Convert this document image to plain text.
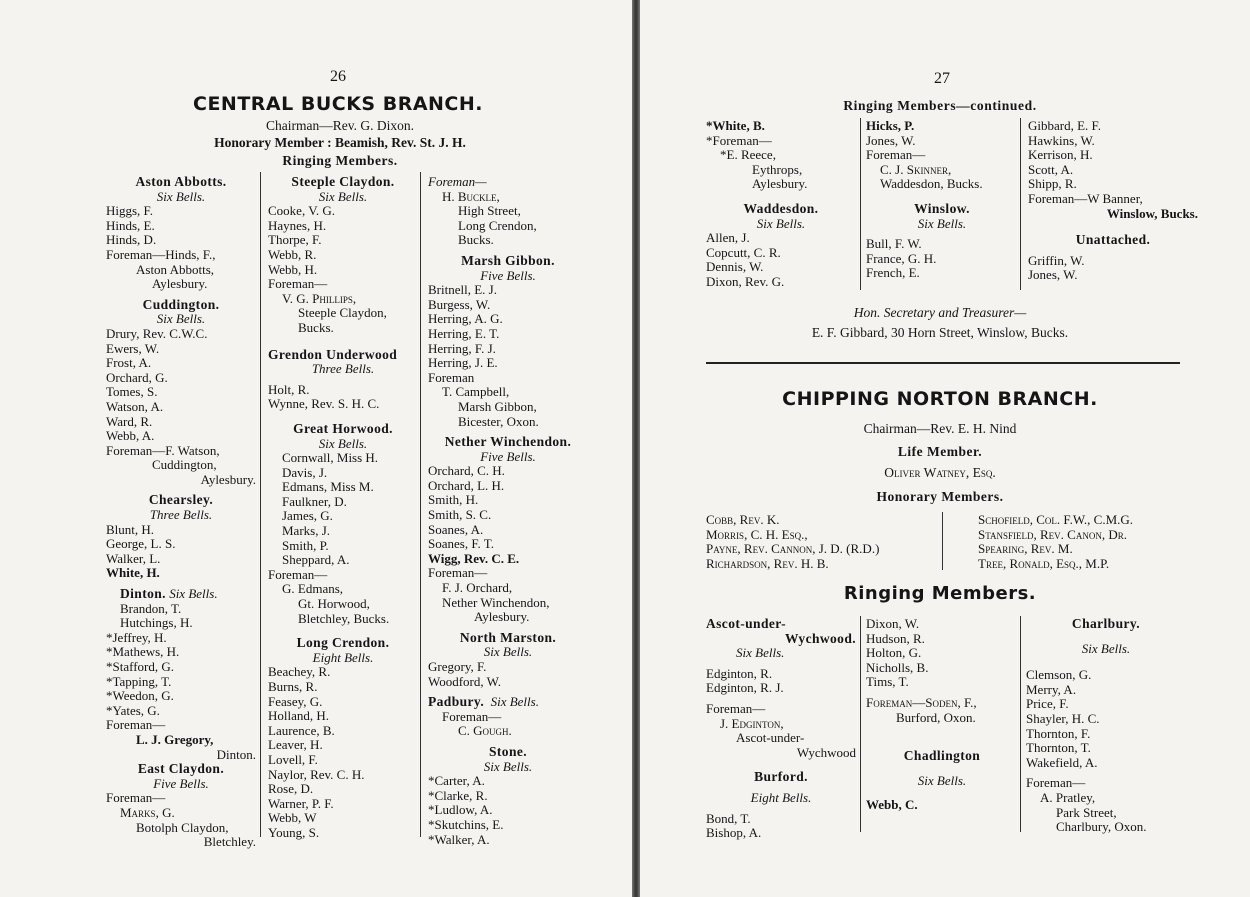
26
CENTRAL BUCKS BRANCH.
Chairman—Rev. G. Dixon.
Honorary Member : Beamish, Rev. St. J. H.
Ringing Members.
Aston Abbotts.
Six Bells.
Higgs, F.
Hinds, E.
Hinds, D.
Foreman—Hinds, F.,
Aston Abbotts,
Aylesbury.
Cuddington.
Six Bells.
Drury, Rev. C.W.C.
Ewers, W.
Frost, A.
Orchard, G.
Tomes, S.
Watson, A.
Ward, R.
Webb, A.
Foreman—F. Watson,
Cuddington,
Aylesbury.
Chearsley.
Three Bells.
Blunt, H.
George, L. S.
Walker, L.
White, H.
Dinton. Six Bells.
Brandon, T.
Hutchings, H.
*Jeffrey, H.
*Mathews, H.
*Stafford, G.
*Tapping, T.
*Weedon, G.
*Yates, G.
Foreman—
L. J. Gregory,
Dinton.
East Claydon.
Five Bells.
Foreman—
Marks, G.
Botolph Claydon,
Bletchley.
Steeple Claydon.
Six Bells.
Cooke, V. G.
Haynes, H.
Thorpe, F.
Webb, R.
Webb, H.
Foreman—
V. G. Phillips,
Steeple Claydon,
Bucks.
Grendon Underwood
Three Bells.
Holt, R.
Wynne, Rev. S. H. C.
Great Horwood.
Six Bells.
Cornwall, Miss H.
Davis, J.
Edmans, Miss M.
Faulkner, D.
James, G.
Marks, J.
Smith, P.
Sheppard, A.
Foreman—
G. Edmans,
Gt. Horwood,
Bletchley, Bucks.
Long Crendon.
Eight Bells.
Beachey, R.
Burns, R.
Feasey, G.
Holland, H.
Laurence, B.
Leaver, H.
Lovell, F.
Naylor, Rev. C. H.
Rose, D.
Warner, P. F.
Webb, W
Young, S.
Foreman—
H. Buckle,
High Street,
Long Crendon,
Bucks.
Marsh Gibbon.
Five Bells.
Britnell, E. J.
Burgess, W.
Herring, A. G.
Herring, E. T.
Herring, F. J.
Herring, J. E.
Foreman
T. Campbell,
Marsh Gibbon,
Bicester, Oxon.
Nether Winchendon.
Five Bells.
Orchard, C. H.
Orchard, L. H.
Smith, H.
Smith, S. C.
Soanes, A.
Soanes, F. T.
Wigg, Rev. C. E.
Foreman—
F. J. Orchard,
Nether Winchendon,
Aylesbury.
North Marston.
Six Bells.
Gregory, F.
Woodford, W.
Padbury. Six Bells.
Foreman—
C. Gough.
Stone.
Six Bells.
*Carter, A.
*Clarke, R.
*Ludlow, A.
*Skutchins, E.
*Walker, A.
27
Ringing Members—continued.
*White, B.
*Foreman—
*E. Reece,
Eythrops,
Aylesbury.
Waddesdon.
Six Bells.
Allen, J.
Copcutt, C. R.
Dennis, W.
Dixon, Rev. G.
Hicks, P.
Jones, W.
Foreman—
C. J. Skinner,
Waddesdon, Bucks.
Winslow.
Six Bells.
Bull, F. W.
France, G. H.
French, E.
Gibbard, E. F.
Hawkins, W.
Kerrison, H.
Scott, A.
Shipp, R.
Foreman—W Banner,
Winslow, Bucks.
Unattached.
Griffin, W.
Jones, W.
Hon. Secretary and Treasurer—
E. F. Gibbard, 30 Horn Street, Winslow, Bucks.
CHIPPING NORTON BRANCH.
Chairman—Rev. E. H. Nind
Life Member.
Oliver Watney, Esq.
Honorary Members.
Cobb, Rev. K.
Morris, C. H. Esq.,
Payne, Rev. Cannon, J. D. (R.D.)
Richardson, Rev. H. B.
Schofield, Col. F.W., C.M.G.
Stansfield, Rev. Canon, Dr.
Spearing, Rev. M.
Tree, Ronald, Esq., M.P.
Ringing Members.
Ascot-under-
Wychwood.
Six Bells.
Edginton, R.
Edginton, R. J.
Foreman—
J. Edginton,
Ascot-under-
Wychwood
Burford.
Eight Bells.
Bond, T.
Bishop, A.
Dixon, W.
Hudson, R.
Holton, G.
Nicholls, B.
Tims, T.
Foreman—Soden, F.,
Burford, Oxon.
Chadlington
Six Bells.
Webb, C.
Charlbury.
Six Bells.
Clemson, G.
Merry, A.
Price, F.
Shayler, H. C.
Thornton, F.
Thornton, T.
Wakefield, A.
Foreman—
A. Pratley,
Park Street,
Charlbury, Oxon.
